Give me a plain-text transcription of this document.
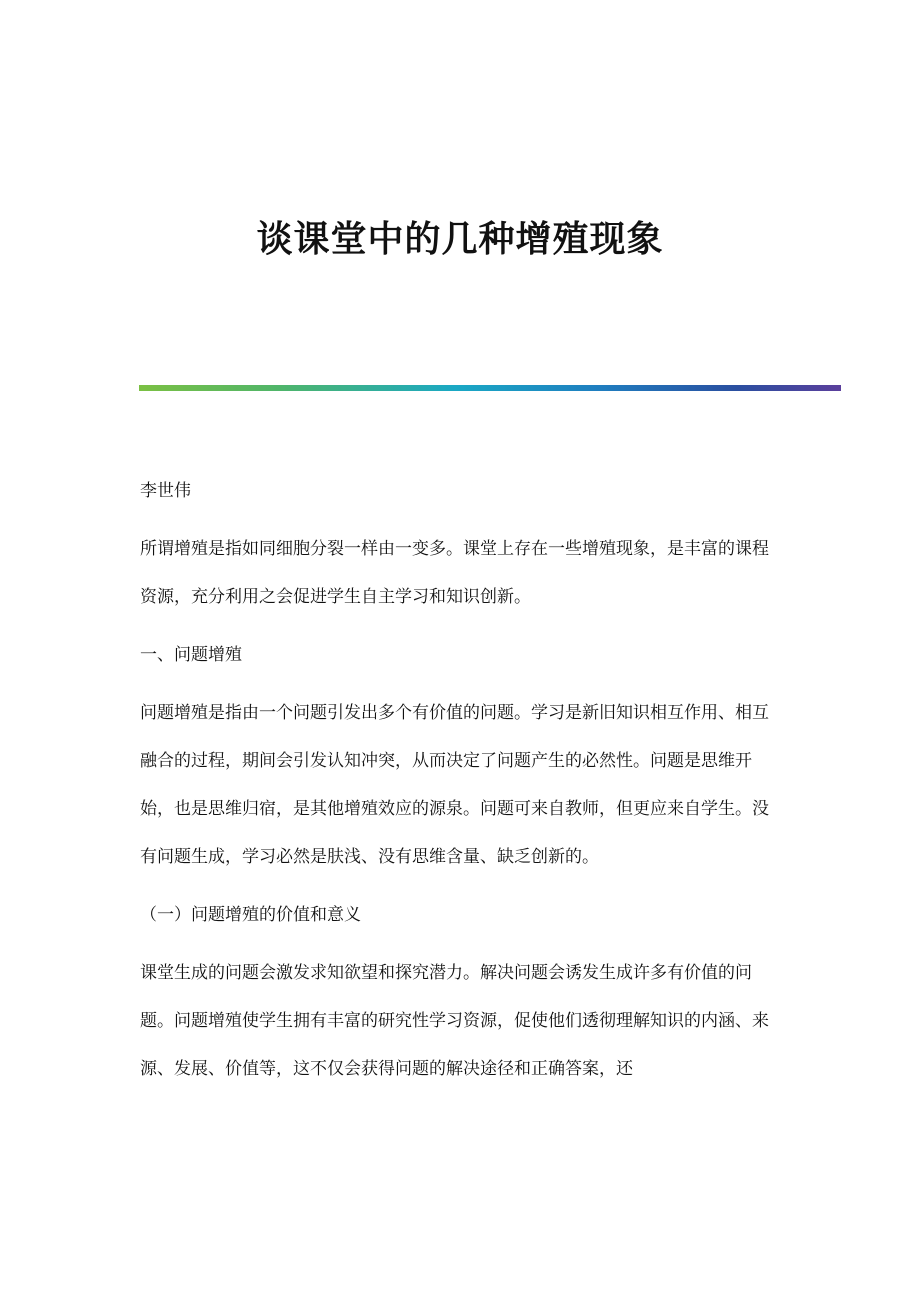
谈课堂中的几种增殖现象

李世伟

所谓增殖是指如同细胞分裂一样由一变多。课堂上存在一些增殖现象，是丰富的课程资源，充分利用之会促进学生自主学习和知识创新。

一、问题增殖

问题增殖是指由一个问题引发出多个有价值的问题。学习是新旧知识相互作用、相互融合的过程，期间会引发认知冲突，从而决定了问题产生的必然性。问题是思维开始，也是思维归宿，是其他增殖效应的源泉。问题可来自教师，但更应来自学生。没有问题生成，学习必然是肤浅、没有思维含量、缺乏创新的。

（一）问题增殖的价值和意义

课堂生成的问题会激发求知欲望和探究潜力。解决问题会诱发生成许多有价值的问题。问题增殖使学生拥有丰富的研究性学习资源，促使他们透彻理解知识的内涵、来源、发展、价值等，这不仅会获得问题的解决途径和正确答案，还
